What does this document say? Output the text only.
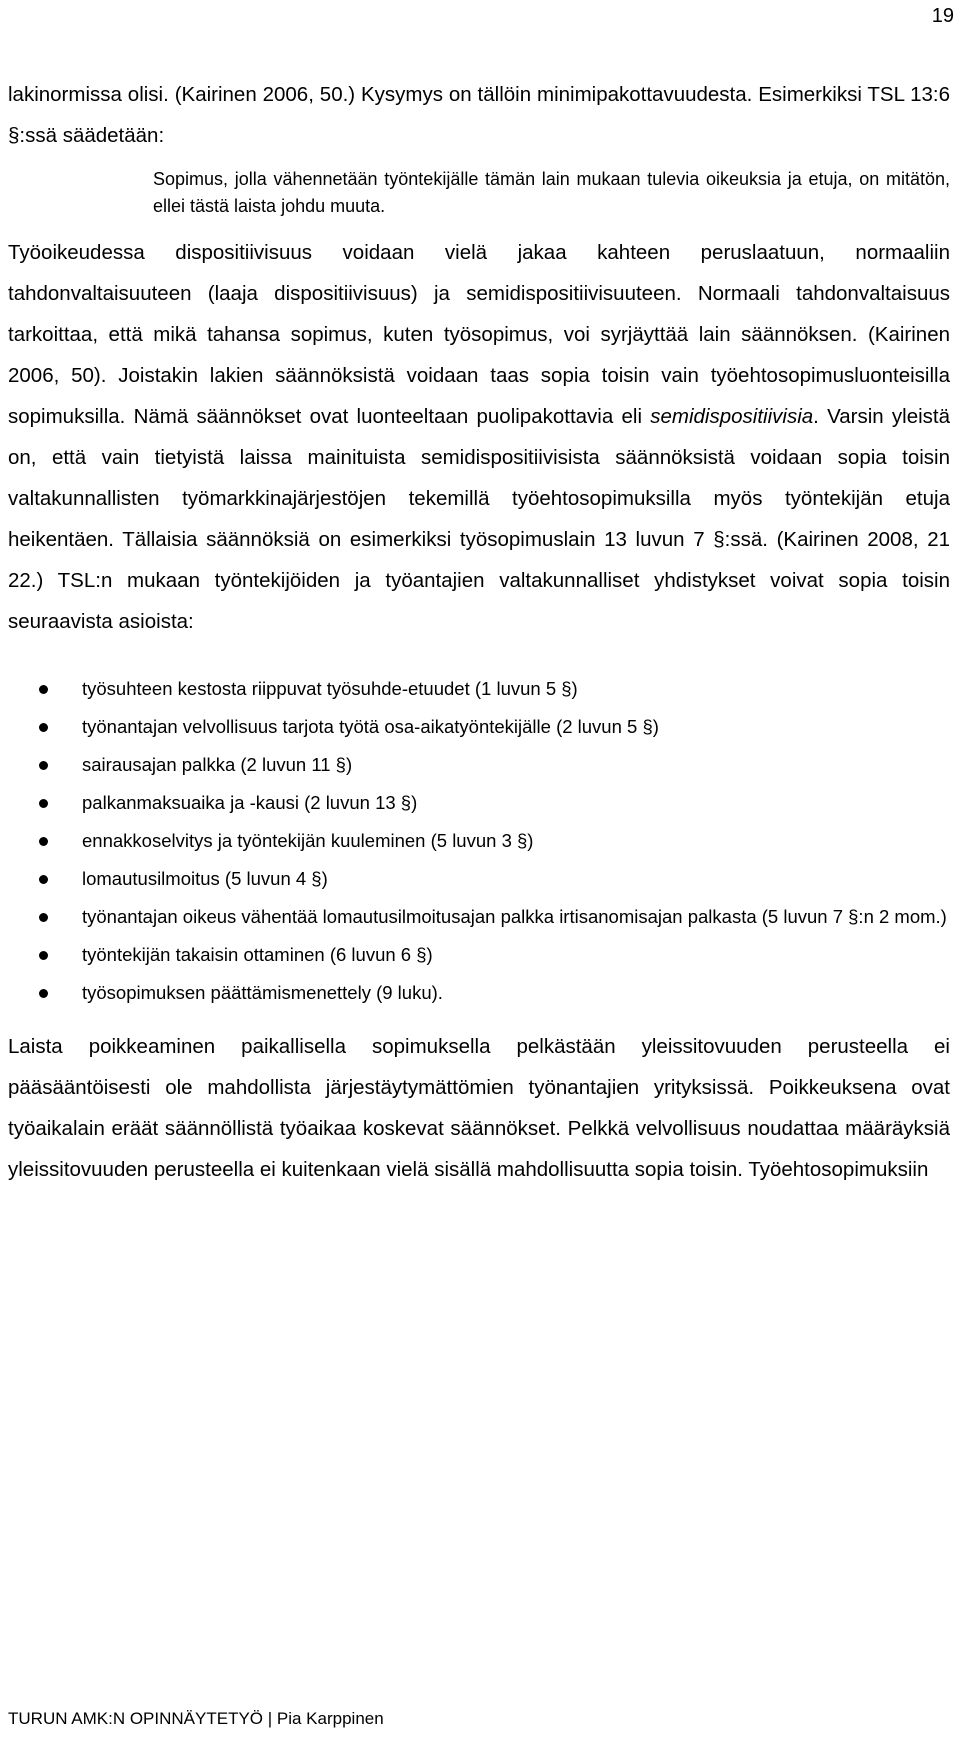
19

lakinormissa olisi. (Kairinen 2006, 50.) Kysymys on tällöin minimipakottavuudesta. Esimerkiksi TSL 13:6 §:ssä säädetään:

Sopimus, jolla vähennetään työntekijälle tämän lain mukaan tulevia oikeuksia ja etuja, on mitätön, ellei tästä laista johdu muuta.

Työoikeudessa dispositiivisuus voidaan vielä jakaa kahteen peruslaatuun, normaaliin tahdonvaltaisuuteen (laaja dispositiivisuus) ja semidispositiivisuuteen. Normaali tahdonvaltaisuus tarkoittaa, että mikä tahansa sopimus, kuten työsopimus, voi syrjäyttää lain säännöksen. (Kairinen 2006, 50). Joistakin lakien säännöksistä voidaan taas sopia toisin vain työehtosopimusluonteisilla sopimuksilla. Nämä säännökset ovat luonteeltaan puolipakottavia eli semidispositiivisia. Varsin yleistä on, että vain tietyistä laissa mainituista semidispositiivisista säännöksistä voidaan sopia toisin valtakunnallisten työmarkkinajärjestöjen tekemillä työehtosopimuksilla myös työntekijän etuja heikentäen. Tällaisia säännöksiä on esimerkiksi työsopimuslain 13 luvun 7 §:ssä. (Kairinen 2008, 21 22.) TSL:n mukaan työntekijöiden ja työantajien valtakunnalliset yhdistykset voivat sopia toisin seuraavista asioista:

työsuhteen kestosta riippuvat työsuhde-etuudet (1 luvun 5 §)
työnantajan velvollisuus tarjota työtä osa-aikatyöntekijälle (2 luvun 5 §)
sairausajan palkka (2 luvun 11 §)
palkanmaksuaika ja -kausi (2 luvun 13 §)
ennakkoselvitys ja työntekijän kuuleminen (5 luvun 3 §)
lomautusilmoitus (5 luvun 4 §)
työnantajan oikeus vähentää lomautusilmoitusajan palkka irtisanomisajan palkasta (5 luvun 7 §:n 2 mom.)
työntekijän takaisin ottaminen (6 luvun 6 §)
työsopimuksen päättämismenettely (9 luku).

Laista poikkeaminen paikallisella sopimuksella pelkästään yleissitovuuden perusteella ei pääsääntöisesti ole mahdollista järjestäytymättömien työnantajien yrityksissä. Poikkeuksena ovat työaikalain eräät säännöllistä työaikaa koskevat säännökset. Pelkkä velvollisuus noudattaa määräyksiä yleissitovuuden perusteella ei kuitenkaan vielä sisällä mahdollisuutta sopia toisin. Työehtosopimuksiin

TURUN AMK:N OPINNÄYTETYÖ | Pia Karppinen
